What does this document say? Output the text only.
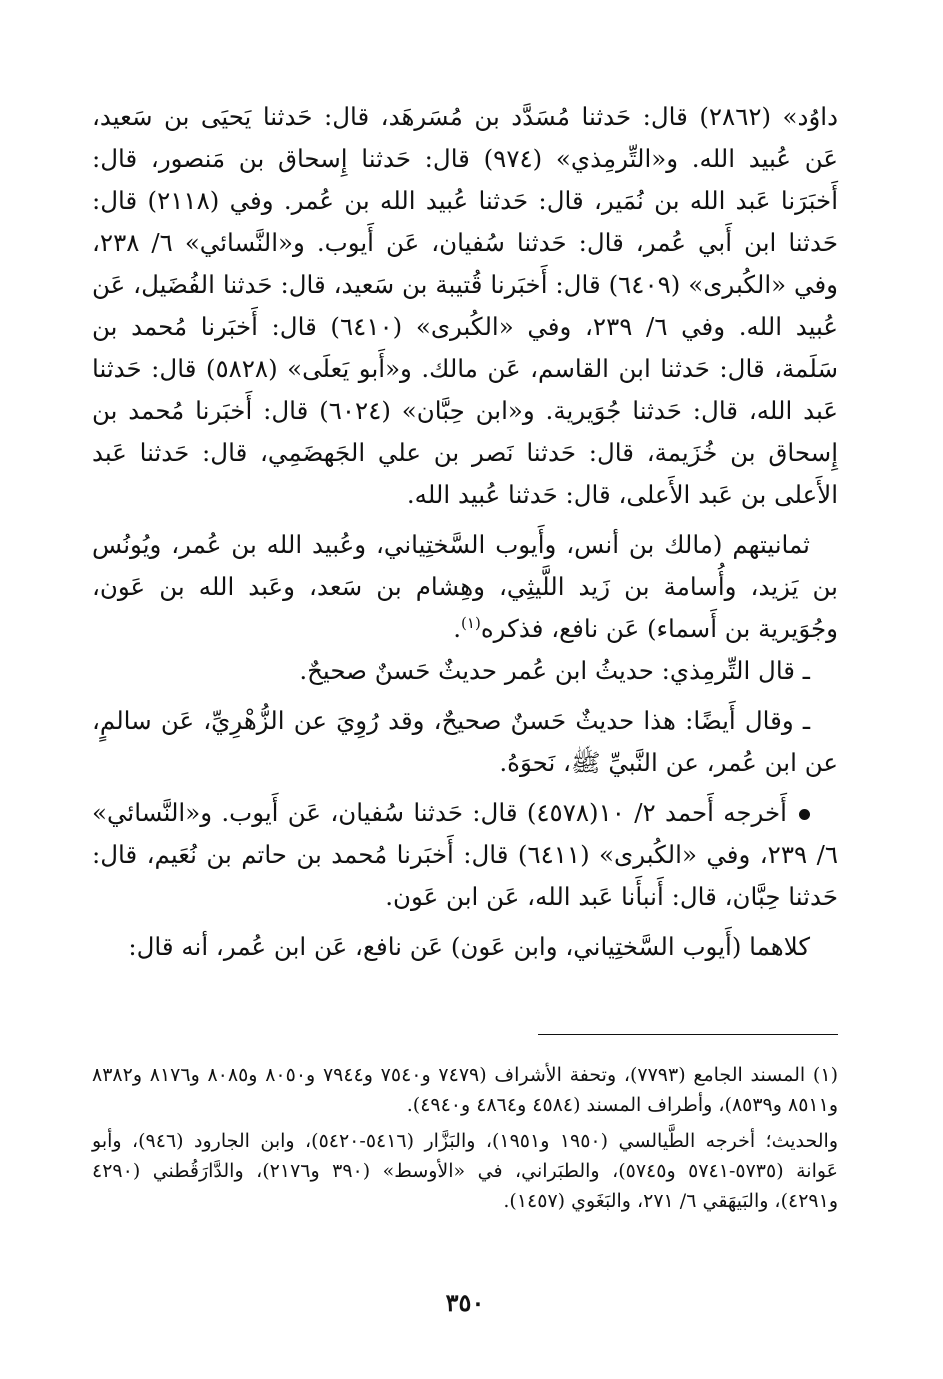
داوُد» (٢٨٦٢) قال: حَدثنا مُسَدَّد بن مُسَرهَد، قال: حَدثنا يَحيَى بن سَعيد، عَن عُبيد الله. و«التِّرمِذي» (٩٧٤) قال: حَدثنا إِسحاق بن مَنصور، قال: أَخبَرَنا عَبد الله بن نُمَير، قال: حَدثنا عُبيد الله بن عُمر. وفي (٢١١٨) قال: حَدثنا ابن أَبي عُمر، قال: حَدثنا سُفيان، عَن أَيوب. و«النَّسائي» ٦/ ٢٣٨، وفي «الكُبرى» (٦٤٠٩) قال: أَخبَرنا قُتيبة بن سَعيد، قال: حَدثنا الفُضَيل، عَن عُبيد الله. وفي ٦/ ٢٣٩، وفي «الكُبرى» (٦٤١٠) قال: أَخبَرنا مُحمد بن سَلَمة، قال: حَدثنا ابن القاسم، عَن مالك. و«أَبو يَعلَى» (٥٨٢٨) قال: حَدثنا عَبد الله، قال: حَدثنا جُوَيرية. و«ابن حِبَّان» (٦٠٢٤) قال: أَخبَرنا مُحمد بن إِسحاق بن خُزَيمة، قال: حَدثنا نَصر بن علي الجَهضَمِي، قال: حَدثنا عَبد الأَعلى بن عَبد الأَعلى، قال: حَدثنا عُبيد الله.

ثمانيتهم (مالك بن أنس، وأَيوب السَّختِياني، وعُبيد الله بن عُمر، ويُونُس بن يَزيد، وأُسامة بن زَيد اللَّيثِي، وهِشام بن سَعد، وعَبد الله بن عَون، وجُوَيرية بن أَسماء) عَن نافع، فذكره$^{(١)}$.

ـ قال التِّرمِذي: حديثُ ابن عُمر حديثٌ حَسنٌ صحيحٌ.

ـ وقال أَيضًا: هذا حديثٌ حَسنٌ صحيحٌ، وقد رُوِيَ عن الزُّهْرِيِّ، عَن سالمٍ، عن ابن عُمر، عن النَّبيِّ ﷺ، نَحوَهُ.

أَخرجه أَحمد ٢/ ١٠(٤٥٧٨) قال: حَدثنا سُفيان، عَن أَيوب. و«النَّسائي» ٦/ ٢٣٩، وفي «الكُبرى» (٦٤١١) قال: أَخبَرنا مُحمد بن حاتم بن نُعَيم، قال: حَدثنا حِبَّان، قال: أَنبأَنا عَبد الله، عَن ابن عَون.

كلاهما (أَيوب السَّختِياني، وابن عَون) عَن نافع، عَن ابن عُمر، أنه قال:

(١) المسند الجامع (٧٧٩٣)، وتحفة الأشراف (٧٤٧٩ و٧٥٤٠ و٧٩٤٤ و٨٠٥٠ و٨٠٨٥ و٨١٧٦ و٨٣٨٢ و٨٥١١ و٨٥٣٩)، وأطراف المسند (٤٥٨٤ و٤٨٦٤ و٤٩٤٠).

والحديث؛ أخرجه الطَّيالسي (١٩٥٠ و١٩٥١)، والبَزَّار (٥٤١٦-٥٤٢٠)، وابن الجارود (٩٤٦)، وأبو عَوانة (٥٧٣٥-٥٧٤١ و٥٧٤٥)، والطبَراني، في «الأوسط» (٣٩٠ و٢١٧٦)، والدَّارَقُطني (٤٢٩٠ و٤٢٩١)، والبَيهَقي ٦/ ٢٧١، والبَغَوي (١٤٥٧).

٣٥٠
